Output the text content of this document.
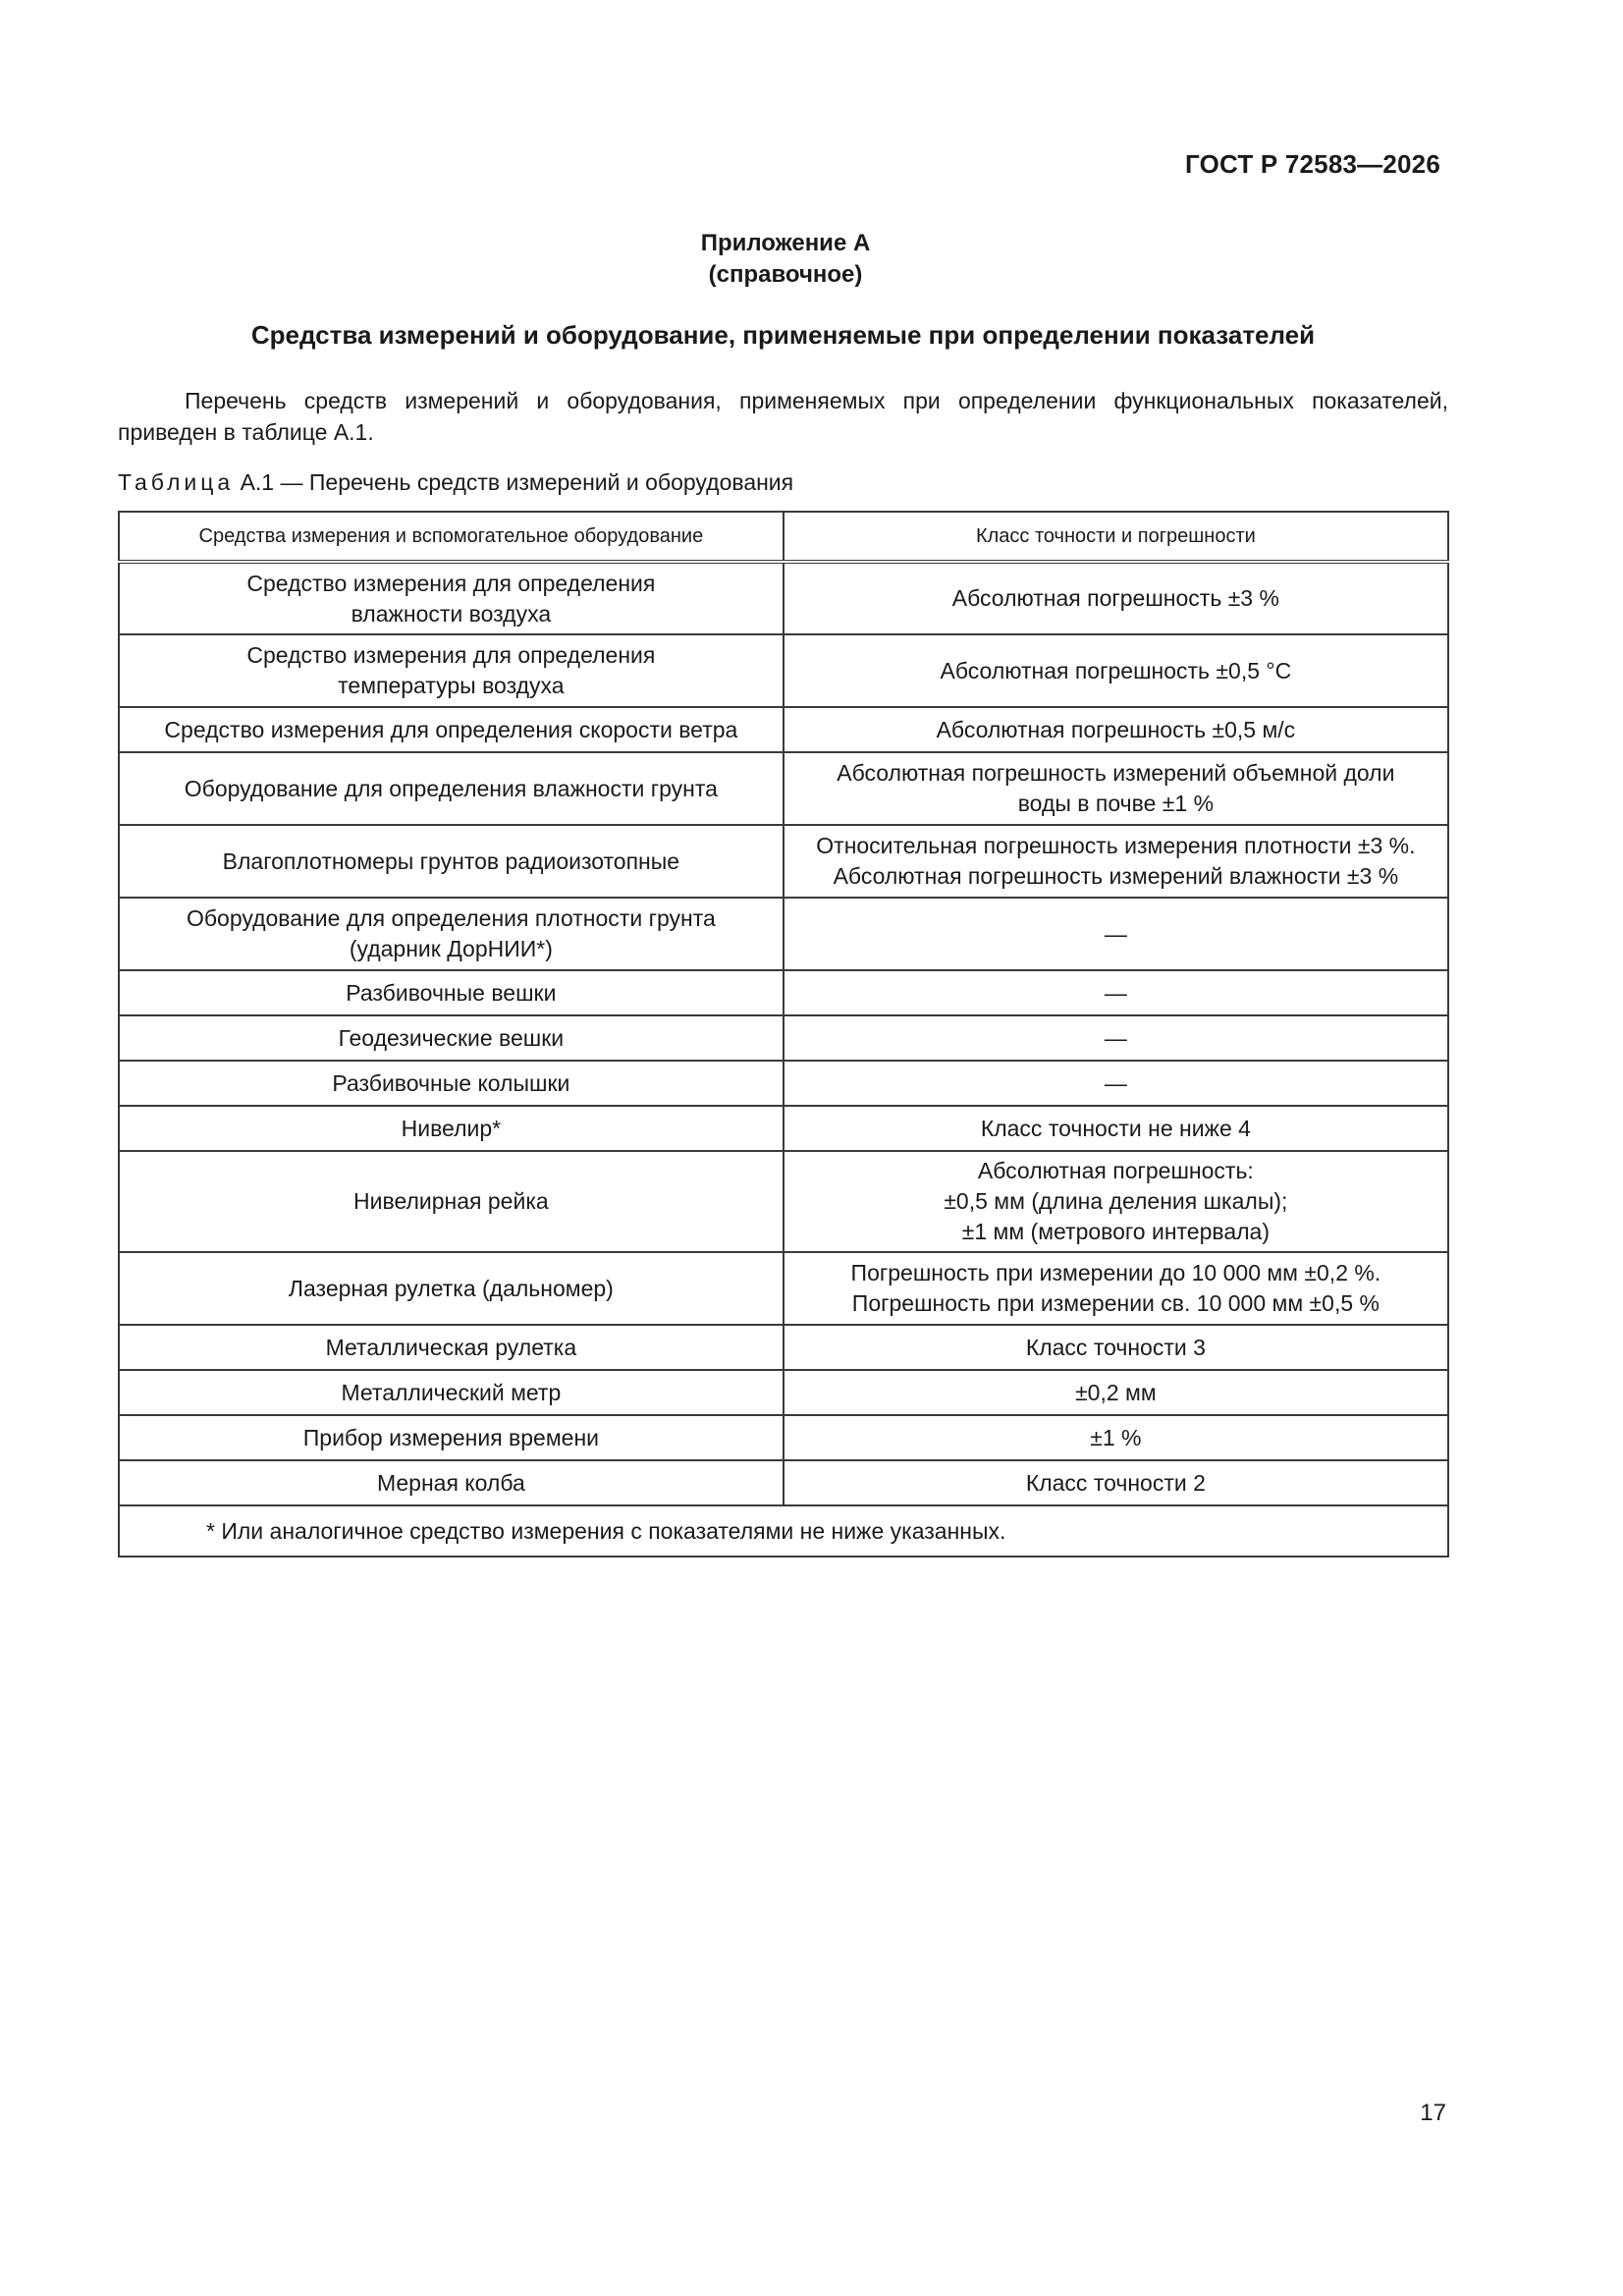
ГОСТ Р 72583—2026
Приложение А
(справочное)
Средства измерений и оборудование, применяемые при определении показателей
Перечень средств измерений и оборудования, применяемых при определении функциональных показателей, приведен в таблице А.1.
Таблица А.1 — Перечень средств измерений и оборудования
Средства измерения и вспомогательное оборудование	Класс точности и погрешности

Средство измерения для определения
влажности воздуха	Абсолютная погрешность ±3 %

Средство измерения для определения
температуры воздуха	Абсолютная погрешность ±0,5 °С

Средство измерения для определения скорости ветра	Абсолютная погрешность ±0,5 м/с

Оборудование для определения влажности грунта	Абсолютная погрешность измерений объемной доли
воды в почве ±1 %

Влагоплотномеры грунтов радиоизотопные	Относительная погрешность измерения плотности ±3 %.
Абсолютная погрешность измерений влажности ±3 %

Оборудование для определения плотности грунта
(ударник ДорНИИ*)	—

Разбивочные вешки	—

Геодезические вешки	—

Разбивочные колышки	—

Нивелир*	Класс точности не ниже 4

Нивелирная рейка	Абсолютная погрешность:
±0,5 мм (длина деления шкалы);
±1 мм (метрового интервала)

Лазерная рулетка (дальномер)	Погрешность при измерении до 10 000 мм ±0,2 %.
Погрешность при измерении св. 10 000 мм ±0,5 %

Металлическая рулетка	Класс точности 3

Металлический метр	±0,2 мм

Прибор измерения времени	±1 %

Мерная колба	Класс точности 2

* Или аналогичное средство измерения с показателями не ниже указанных.	
17
